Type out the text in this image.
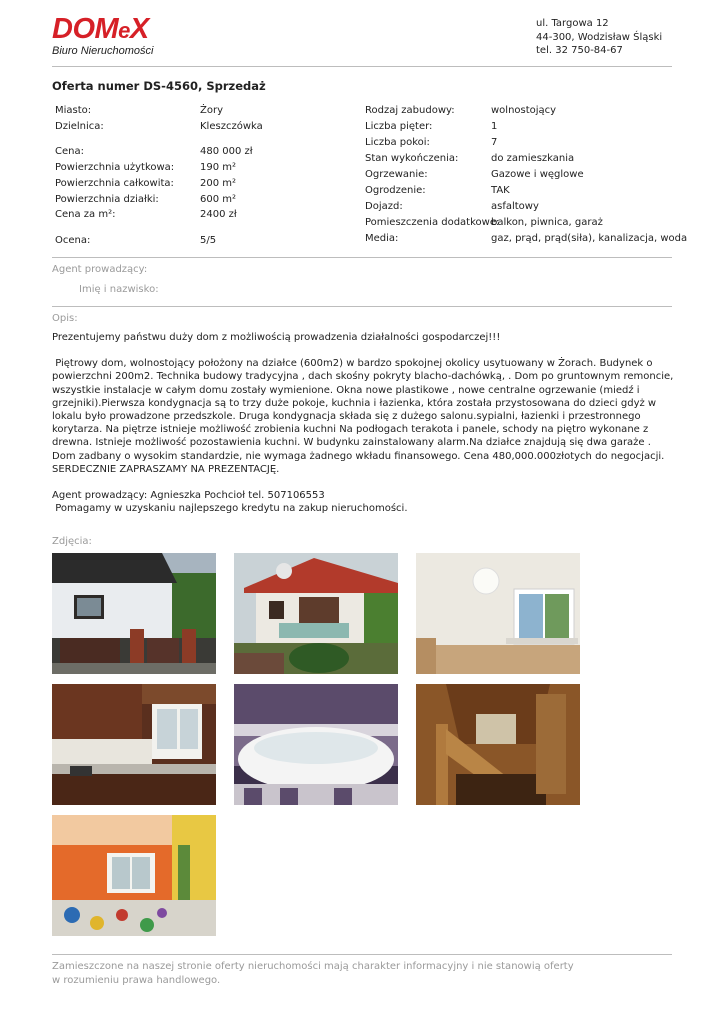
DOMeX
Biuro Nieruchomości
ul. Targowa 12
44-300, Wodzisław Śląski
tel. 32 750-84-67
Oferta numer DS-4560, Sprzedaż
Miasto:	Żory
Dzielnica:	Kleszczówka
Cena:	480 000 zł
Powierzchnia użytkowa:	190 m²
Powierzchnia całkowita:	200 m²
Powierzchnia działki:	600 m²
Cena za m²:	2400 zł
Ocena:	5/5
Rodzaj zabudowy:	wolnostojący
Liczba pięter:	1
Liczba pokoi:	7
Stan wykończenia:	do zamieszkania
Ogrzewanie:	Gazowe i węglowe
Ogrodzenie:	TAK
Dojazd:	asfaltowy
Pomieszczenia dodatkowe:
balkon, piwnica, garaż
Media:	gaz, prąd, prąd(siła), kanalizacja, woda
Agent prowadzący:
Imię i nazwisko:
Opis:

Prezentujemy państwu duży dom z możliwością prowadzenia działalności gospodarczej!!!

Piętrowy dom, wolnostojący położony na działce (600m2) w bardzo spokojnej okolicy usytuowany w Żorach. Budynek o powierzchni 200m2. Technika budowy tradycyjna , dach skośny pokryty blacho-dachówką, . Dom po gruntownym remoncie, wszystkie instalacje w całym domu zostały wymienione. Okna nowe plastikowe , nowe centralne ogrzewanie (miedź i grzejniki).Pierwsza kondygnacja są to trzy duże pokoje, kuchnia i łazienka, która została przystosowana do dzieci gdyż w lokalu było prowadzone przedszkole. Druga kondygnacja składa się z dużego salonu.sypialni, łazienki i przestronnego korytarza. Na piętrze istnieje możliwość zrobienia kuchni Na podłogach terakota i panele, schody na piętro wykonane z drewna. Istnieje możliwość pozostawienia kuchni. W budynku zainstalowany alarm.Na działce znajdują się dwa garaże . Dom zadbany o wysokim standardzie, nie wymaga żadnego wkładu finansowego. Cena 480,000.000złotych do negocjacji.
SERDECZNIE ZAPRASZAMY NA PREZENTACJĘ.

Agent prowadzący: Agnieszka Pochcioł tel. 507106553
Pomagamy w uzyskaniu najlepszego kredytu na zakup nieruchomości.

Zdjęcia:
Zamieszczone na naszej stronie oferty nieruchomości mają charakter informacyjny i nie stanowią oferty
w rozumieniu prawa handlowego.
